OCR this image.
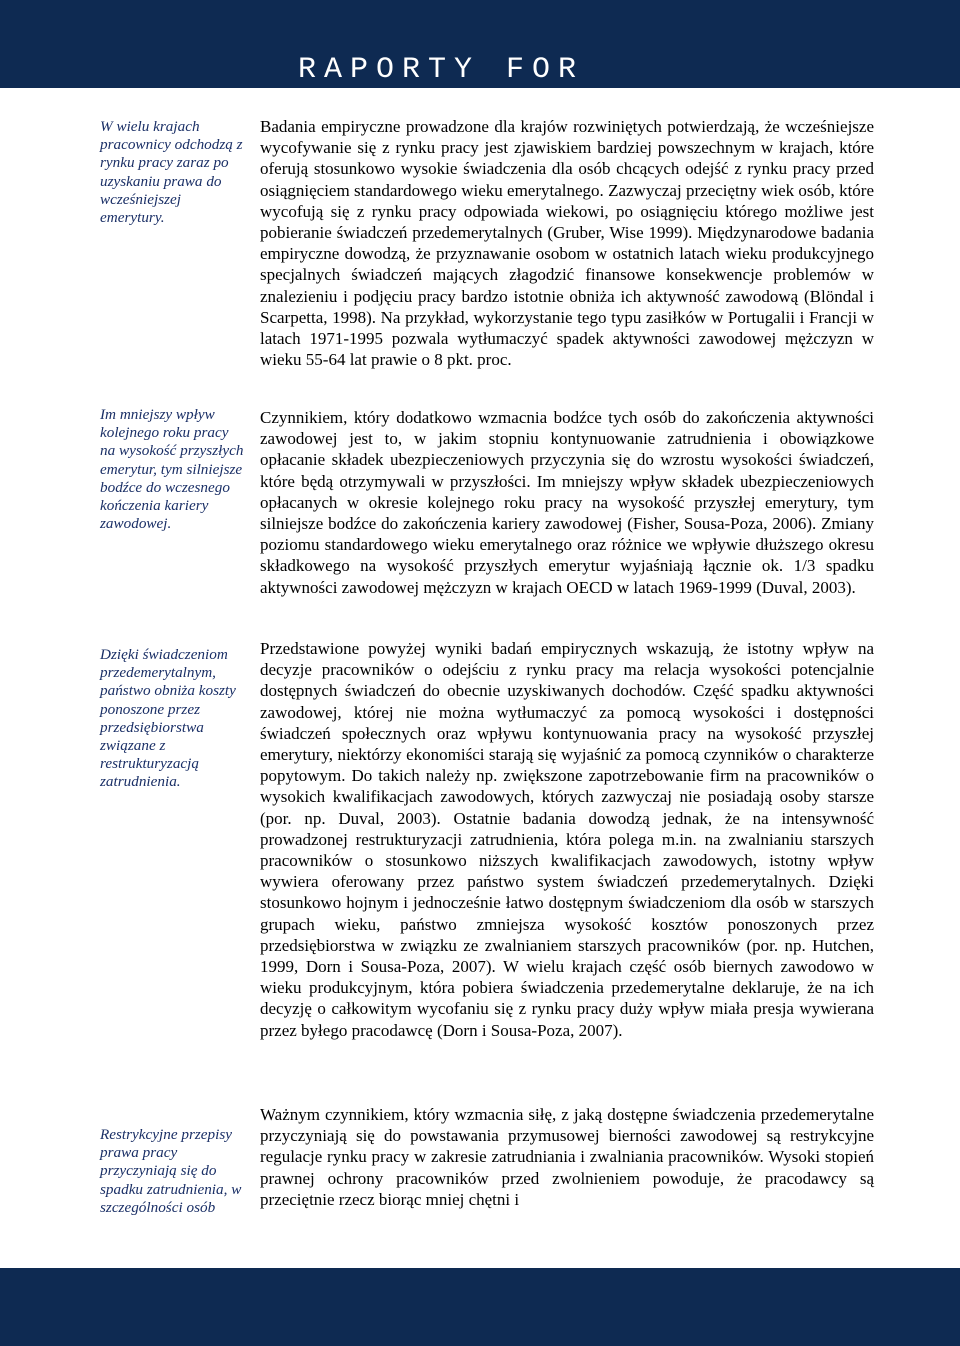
RAPORTY FOR
W wielu krajach pracownicy odchodzą z rynku pracy zaraz po uzyskaniu prawa do wcześniejszej emerytury.
Im mniejszy wpływ kolejnego roku pracy na wysokość przyszłych emerytur, tym silniejsze bodźce do wczesnego kończenia kariery zawodowej.
Dzięki świadczeniom przedemerytalnym, państwo obniża koszty ponoszone przez przedsiębiorstwa związane z restrukturyzacją zatrudnienia.
Restrykcyjne przepisy prawa pracy przyczyniają się do spadku zatrudnienia, w szczególności osób
Badania empiryczne prowadzone dla krajów rozwiniętych potwierdzają, że wcześniejsze wycofywanie się z rynku pracy jest zjawiskiem bardziej powszechnym w krajach, które oferują stosunkowo wysokie świadczenia dla osób chcących odejść z rynku pracy przed osiągnięciem standardowego wieku emerytalnego. Zazwyczaj przeciętny wiek osób, które wycofują się z rynku pracy odpowiada wiekowi, po osiągnięciu którego możliwe jest pobieranie świadczeń przedemerytalnych (Gruber, Wise 1999). Międzynarodowe badania empiryczne dowodzą, że przyznawanie osobom w ostatnich latach wieku produkcyjnego specjalnych świadczeń mających złagodzić finansowe konsekwencje problemów w znalezieniu i podjęciu pracy bardzo istotnie obniża ich aktywność zawodową (Blöndal i Scarpetta, 1998). Na przykład, wykorzystanie tego typu zasiłków w Portugalii i Francji w latach 1971-1995 pozwala wytłumaczyć spadek aktywności zawodowej mężczyzn w wieku 55-64 lat prawie o 8 pkt. proc.
Czynnikiem, który dodatkowo wzmacnia bodźce tych osób do zakończenia aktywności zawodowej jest to, w jakim stopniu kontynuowanie zatrudnienia i obowiązkowe opłacanie składek ubezpieczeniowych przyczynia się do wzrostu wysokości świadczeń, które będą otrzymywali w przyszłości. Im mniejszy wpływ składek ubezpieczeniowych opłacanych w okresie kolejnego roku pracy na wysokość przyszłej emerytury, tym silniejsze bodźce do zakończenia kariery zawodowej (Fisher, Sousa-Poza, 2006). Zmiany poziomu standardowego wieku emerytalnego oraz różnice we wpływie dłuższego okresu składkowego na wysokość przyszłych emerytur wyjaśniają łącznie ok. 1/3 spadku aktywności zawodowej mężczyzn w krajach OECD w latach 1969-1999 (Duval, 2003).
Przedstawione powyżej wyniki badań empirycznych wskazują, że istotny wpływ na decyzje pracowników o odejściu z rynku pracy ma relacja wysokości potencjalnie dostępnych świadczeń do obecnie uzyskiwanych dochodów. Część spadku aktywności zawodowej, której nie można wytłumaczyć za pomocą wysokości i dostępności świadczeń społecznych oraz wpływu kontynuowania pracy na wysokość przyszłej emerytury, niektórzy ekonomiści starają się wyjaśnić za pomocą czynników o charakterze popytowym. Do takich należy np. zwiększone zapotrzebowanie firm na pracowników o wysokich kwalifikacjach zawodowych, których zazwyczaj nie posiadają osoby starsze (por. np. Duval, 2003). Ostatnie badania dowodzą jednak, że na intensywność prowadzonej restrukturyzacji zatrudnienia, która polega m.in. na zwalnianiu starszych pracowników o stosunkowo niższych kwalifikacjach zawodowych, istotny wpływ wywiera oferowany przez państwo system świadczeń przedemerytalnych. Dzięki stosunkowo hojnym i jednocześnie łatwo dostępnym świadczeniom dla osób w starszych grupach wieku, państwo zmniejsza wysokość kosztów ponoszonych przez przedsiębiorstwa w związku ze zwalnianiem starszych pracowników (por. np. Hutchen, 1999, Dorn i Sousa-Poza, 2007). W wielu krajach część osób biernych zawodowo w wieku produkcyjnym, która pobiera świadczenia przedemerytalne deklaruje, że na ich decyzję o całkowitym wycofaniu się z rynku pracy duży wpływ miała presja wywierana przez byłego pracodawcę (Dorn i Sousa-Poza, 2007).
Ważnym czynnikiem, który wzmacnia siłę, z jaką dostępne świadczenia przedemerytalne przyczyniają się do powstawania przymusowej bierności zawodowej są restrykcyjne regulacje rynku pracy w zakresie zatrudniania i zwalniania pracowników. Wysoki stopień prawnej ochrony pracowników przed zwolnieniem powoduje, że pracodawcy są przeciętnie rzecz biorąc mniej chętni i
